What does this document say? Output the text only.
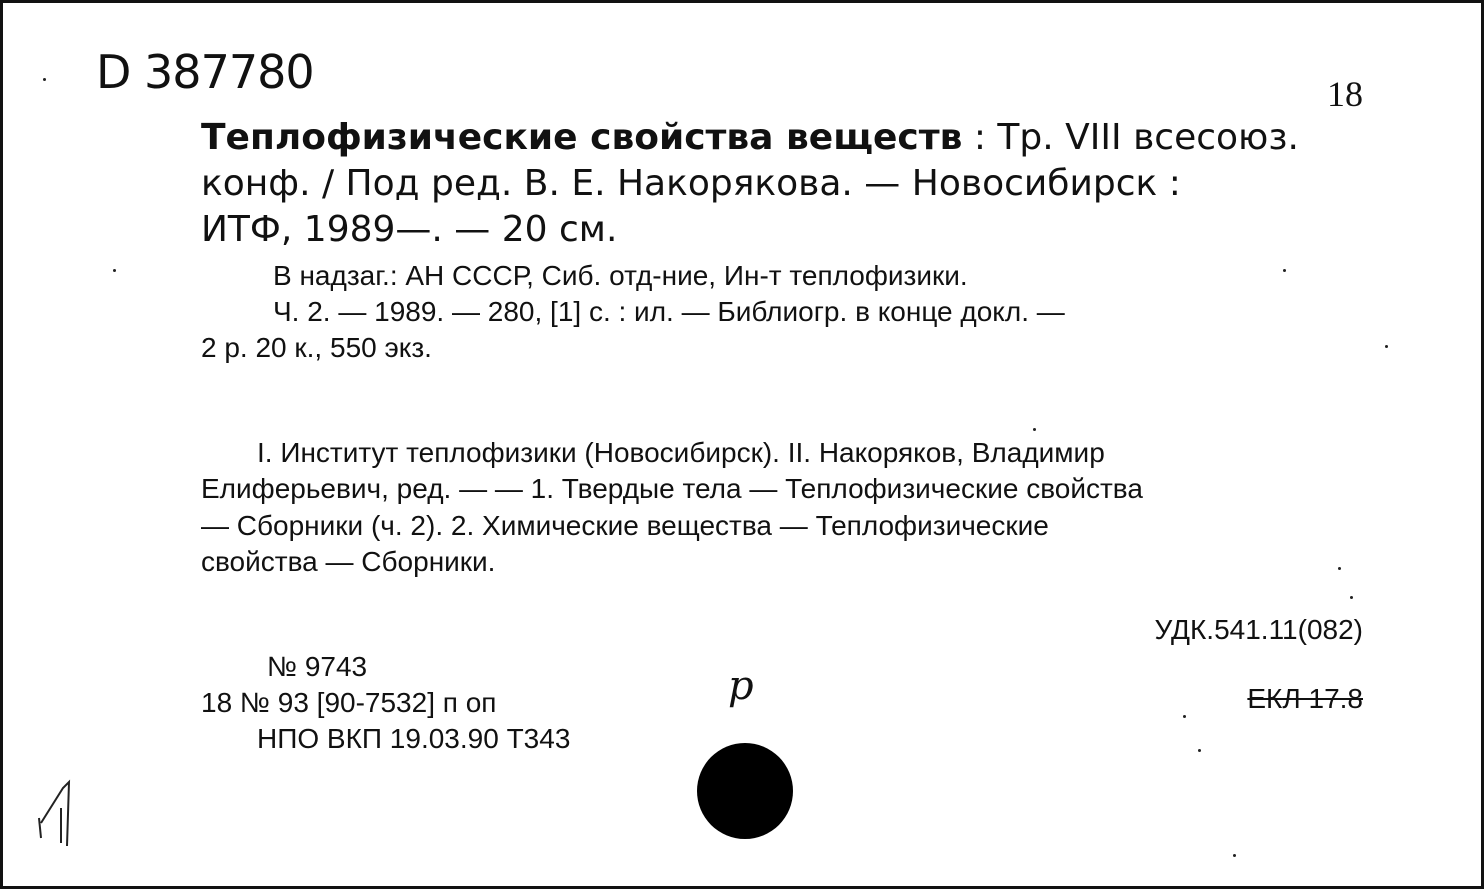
D 387780	18
Теплофизические свойства веществ : Тр. VIII всесоюз.
конф. / Под ред. В. Е. Накорякова. — Новосибирск :
ИТФ, 1989—. — 20 см.
В надзаг.: АН СССР, Сиб. отд-ние, Ин-т теплофизики.
Ч. 2. — 1989. — 280, [1] с. : ил. — Библиогр. в конце докл. —
2 р. 20 к., 550 экз.
I. Институт теплофизики (Новосибирск). II. Накоряков, Владимир
Елиферьевич, ред. — — 1. Твердые тела — Теплофизические свойства
— Сборники (ч. 2). 2. Химические вещества — Теплофизические
свойства — Сборники.
УДК.541.11(082)
№ 9743
18 № 93 [90-7532] п оп
НПО ВКП 19.03.90 Т343
ЕКЛ 17.8
р
